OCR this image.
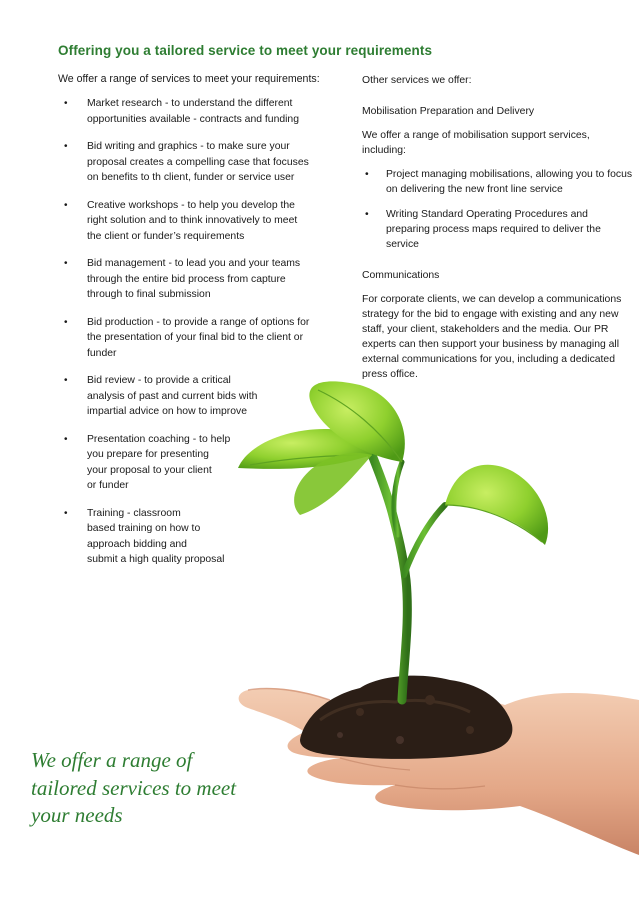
Offering you a tailored service to meet your requirements
We offer a range of services to meet your requirements:
• Market research - to understand the different
opportunities available - contracts and funding
• Bid writing and graphics - to make sure your
proposal creates a compelling case that focuses
on benefits to th client, funder or service user
• Creative workshops - to help you develop the
right solution and to think innovatively to meet
the client or funder’s requirements
• Bid management - to lead you and your teams
through the entire bid process from capture
through to final submission
• Bid production - to provide a range of options for
the presentation of your final bid to the client or
funder
• Bid review - to provide a critical
analysis of past and current bids with
impartial advice on how to improve
• Presentation coaching - to help
you prepare for presenting
your proposal to your client
or funder
• Training - classroom
based training on how to
approach bidding and
submit a high quality proposal

Other services we offer:

Mobilisation Preparation and Delivery

We offer a range of mobilisation support services, including:

• Project managing mobilisations, allowing you to focus on delivering the new front line service
• Writing Standard Operating Procedures and preparing process maps required to deliver the service

Communications

For corporate clients, we can develop a communications strategy for the bid to engage with existing and any new staff, your client, stakeholders and the media. Our PR experts can then support your business by managing all external communications for you, including a dedicated press office.

We offer a range of
tailored services to meet
your needs
